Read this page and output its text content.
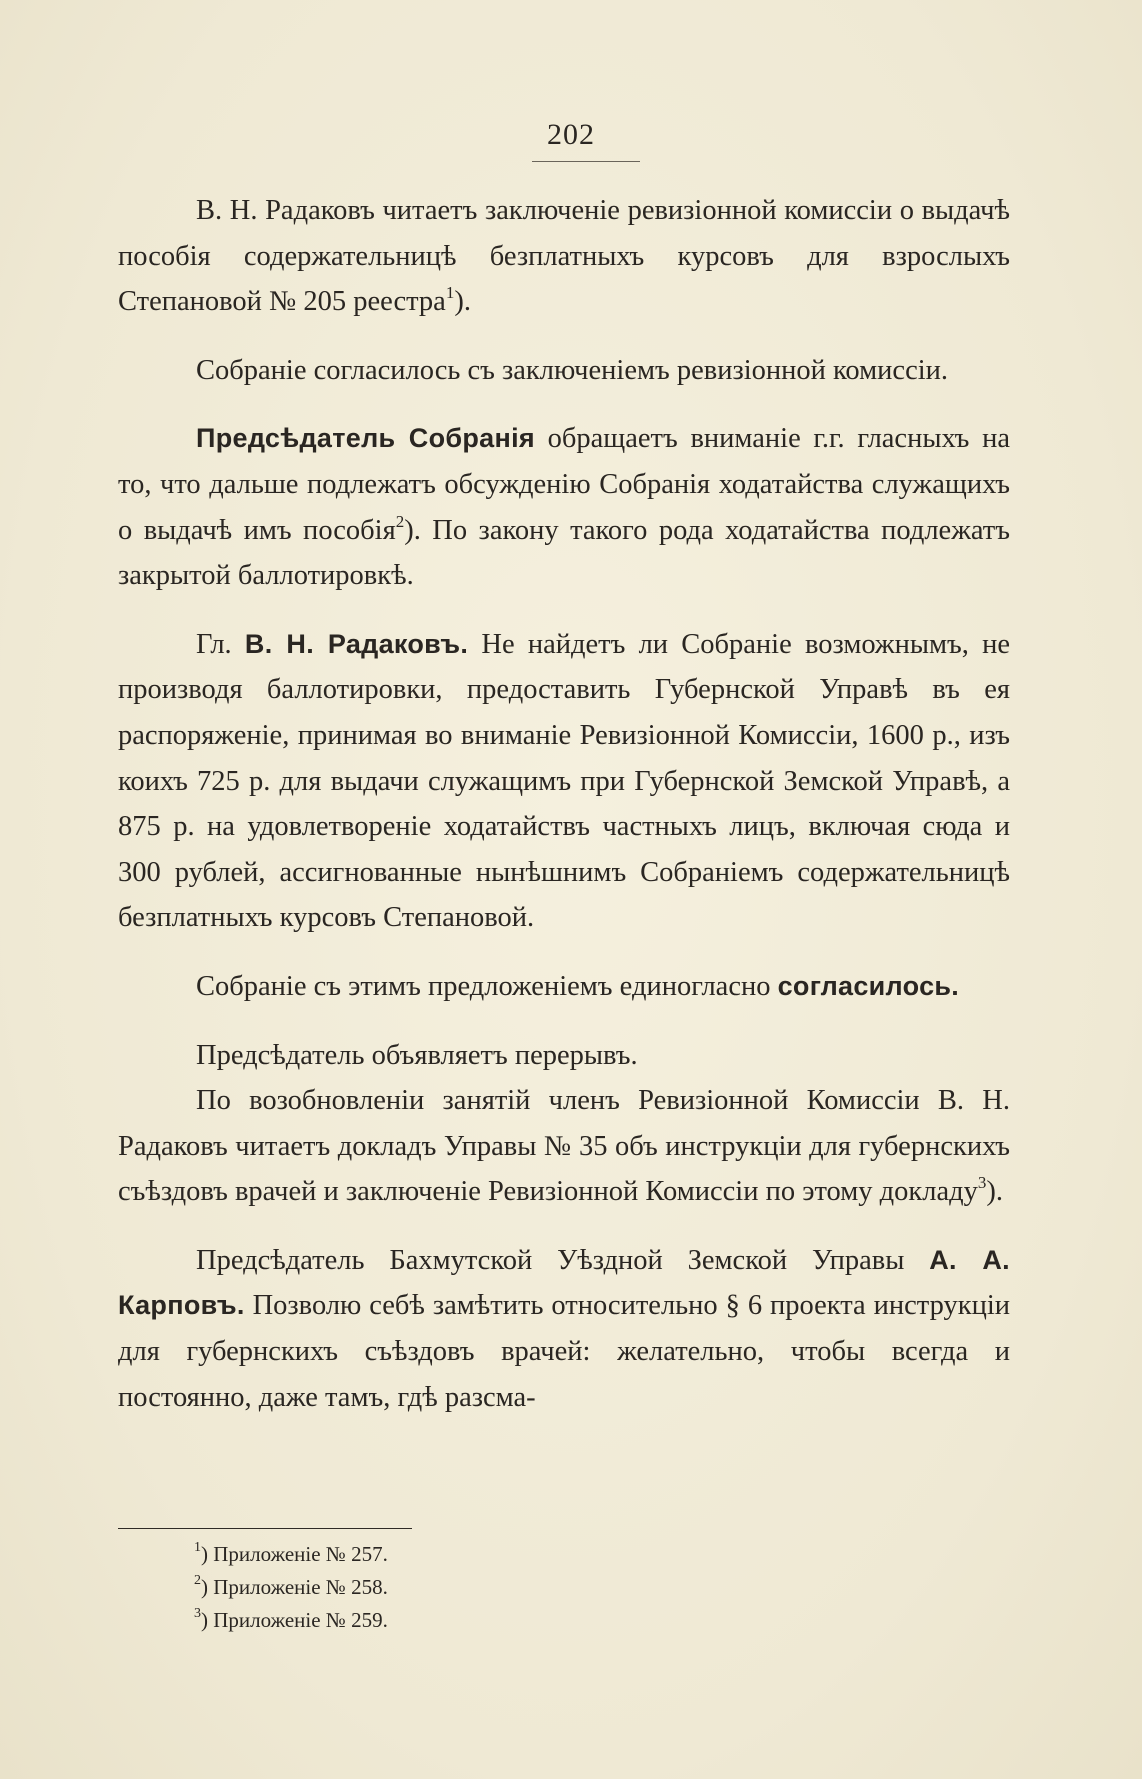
202

В. Н. Радаковъ читаетъ заключеніе ревизіонной комиссіи о выдачѣ пособія содержательницѣ безплатныхъ курсовъ для взрослыхъ Степановой № 205 реестра$^1$).

Собраніе согласилось съ заключеніемъ ревизіонной комиссіи.

Предсѣдатель Собранія обращаетъ вниманіе г.г. гласныхъ на то, что дальше подлежатъ обсужденію Собранія ходатайства служащихъ о выдачѣ имъ пособія$^2$). По закону такого рода ходатайства подлежатъ закрытой баллотировкѣ.

Гл. В. Н. Радаковъ. Не найдетъ ли Собраніе возможнымъ, не производя баллотировки, предоставить Губернской Управѣ въ ея распоряженіе, принимая во вниманіе Ревизіонной Комиссіи, 1600 р., изъ коихъ 725 р. для выдачи служащимъ при Губернской Земской Управѣ, а 875 р. на удовлетвореніе ходатайствъ частныхъ лицъ, включая сюда и 300 рублей, ассигнованные нынѣшнимъ Собраніемъ содержательницѣ безплатныхъ курсовъ Степановой.

Собраніе съ этимъ предложеніемъ единогласно согласилось.

Предсѣдатель объявляетъ перерывъ.

По возобновленіи занятій членъ Ревизіонной Комиссіи В. Н. Радаковъ читаетъ докладъ Управы № 35 объ инструкціи для губернскихъ съѣздовъ врачей и заключеніе Ревизіонной Комиссіи по этому докладу$^3$).

Предсѣдатель Бахмутской Уѣздной Земской Управы А. А. Карповъ. Позволю себѣ замѣтить относительно § 6 проекта инструкціи для губернскихъ съѣздовъ врачей: желательно, чтобы всегда и постоянно, даже тамъ, гдѣ разсма-

$^1$) Приложеніе № 257.
$^2$) Приложеніе № 258.
$^3$) Приложеніе № 259.
